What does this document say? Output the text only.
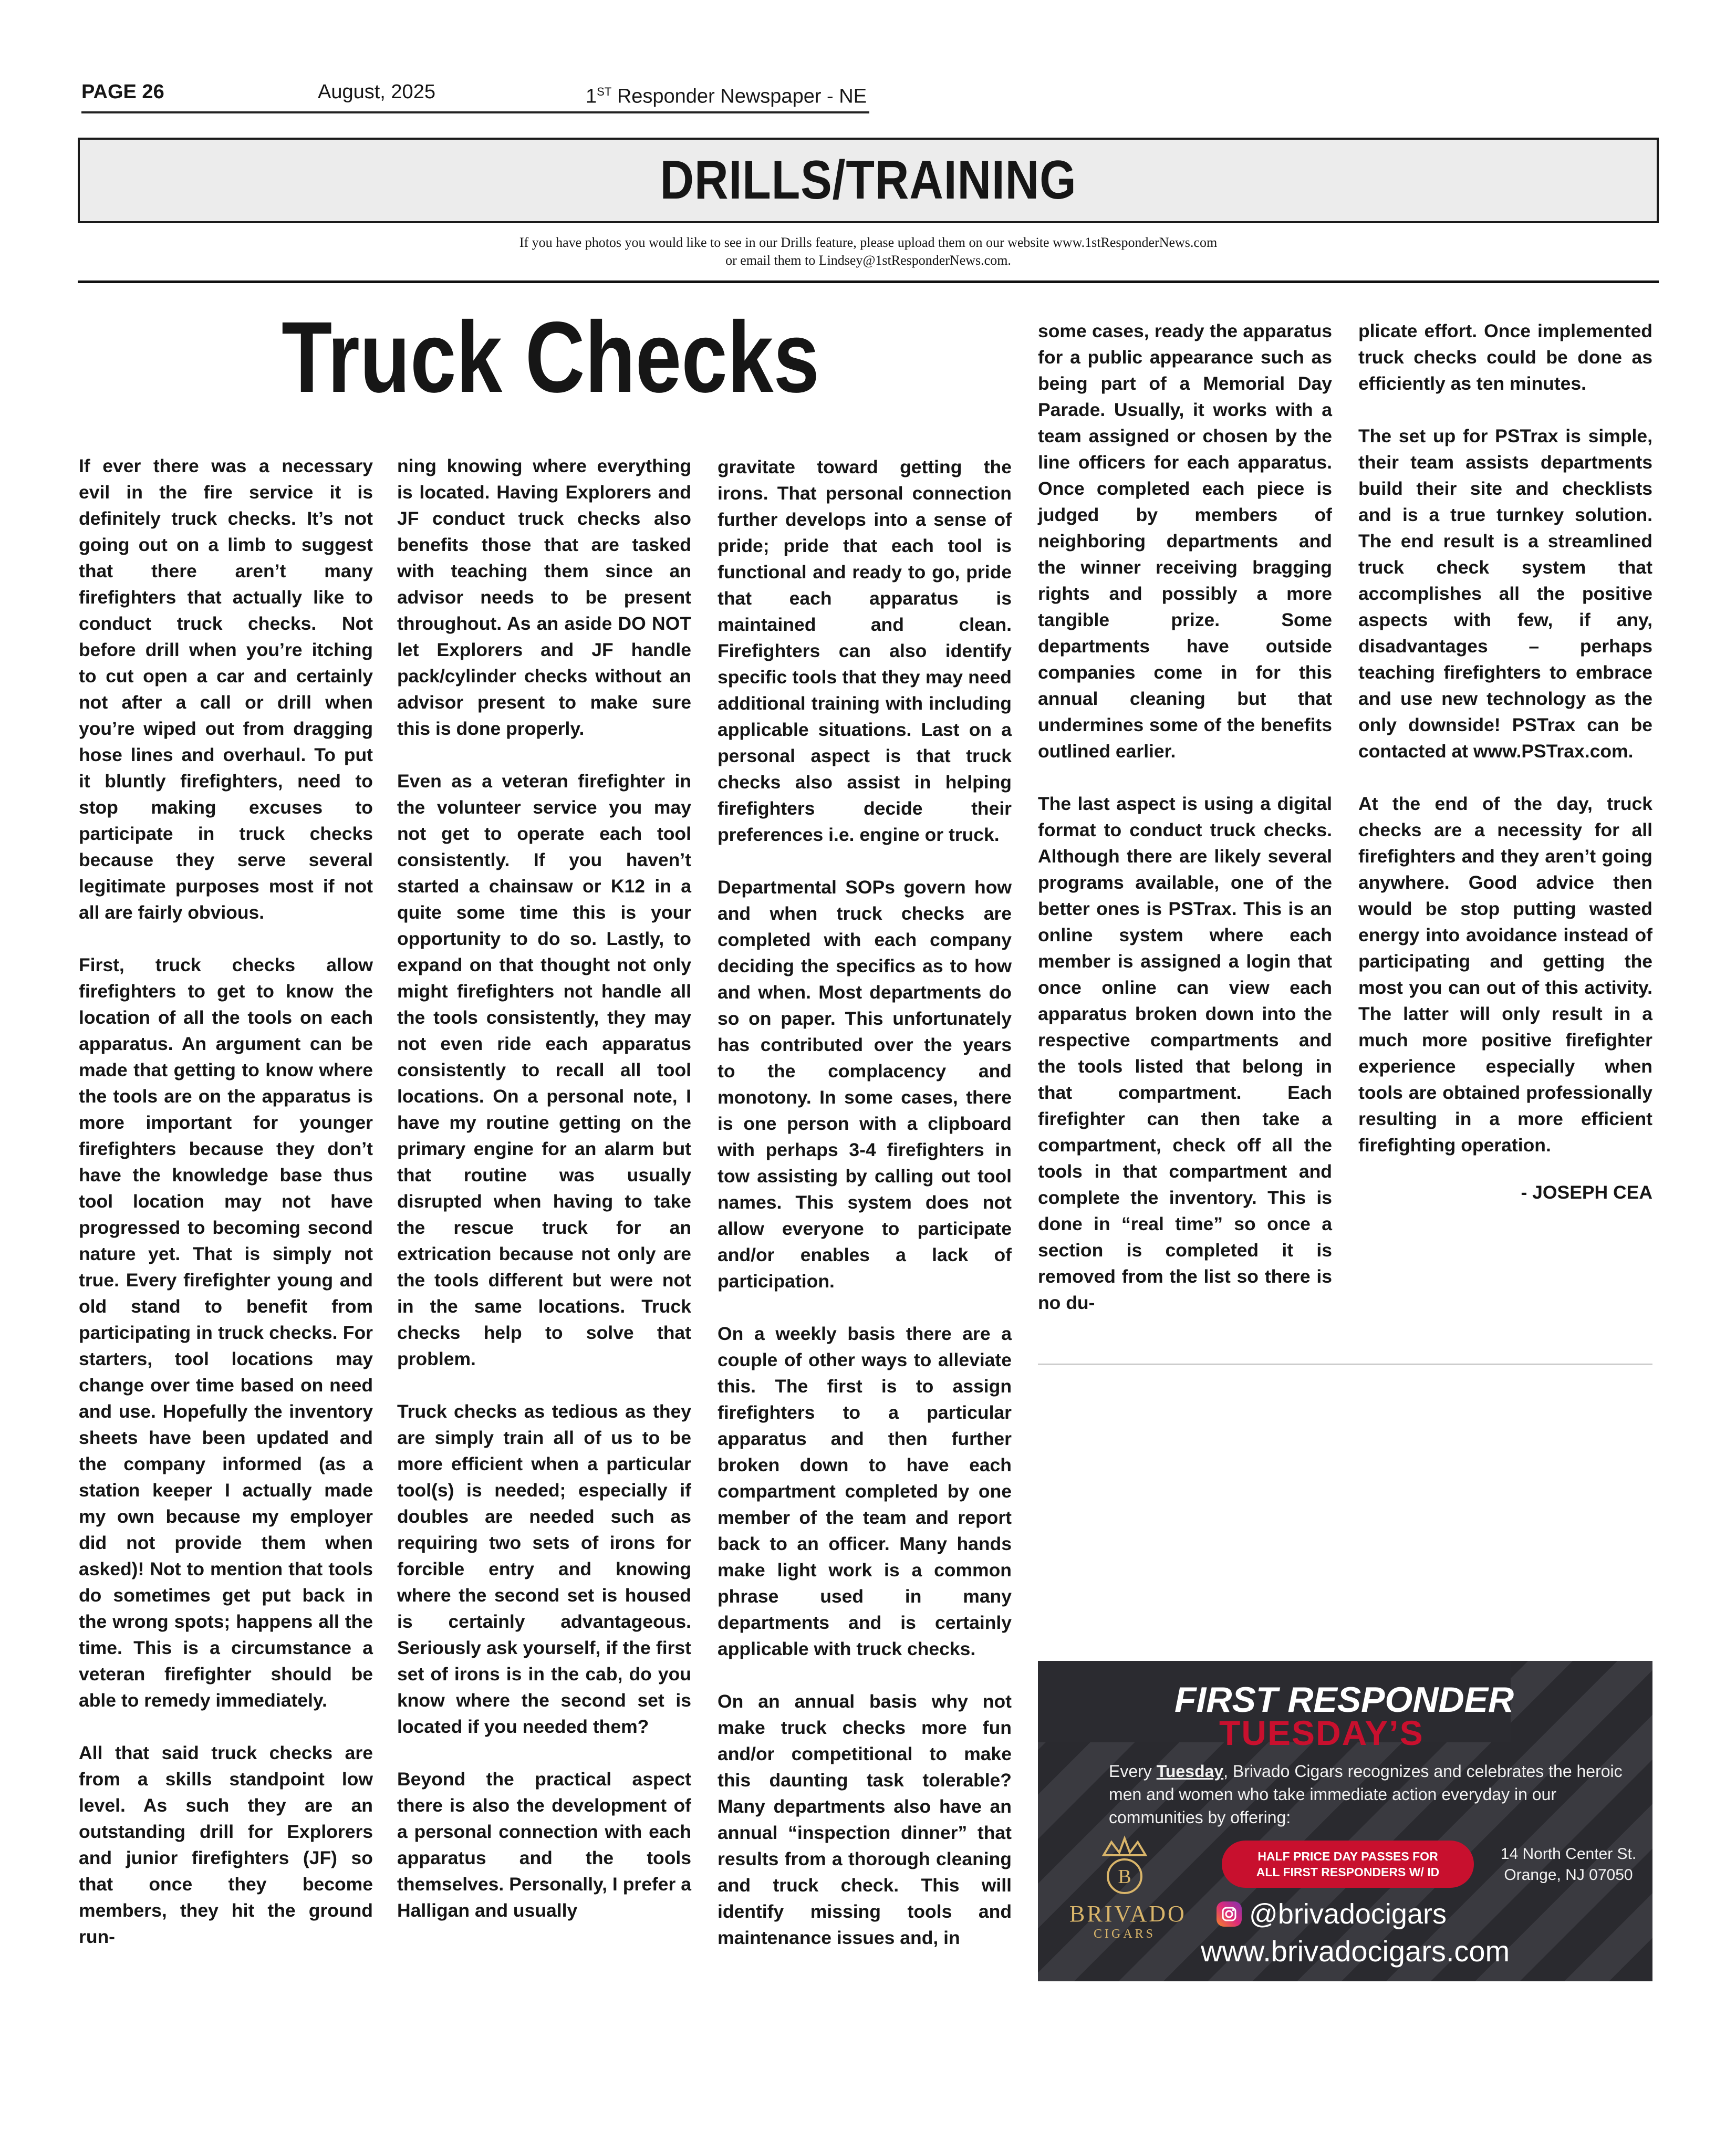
PAGE 26	August, 2025	1ST Responder Newspaper - NE
DRILLS/TRAINING
If you have photos you would like to see in our Drills feature, please upload them on our website www.1stResponderNews.com
or email them to Lindsey@1stResponderNews.com.
Truck Checks

If ever there was a necessary evil in the fire service it is definitely truck checks. It’s not going out on a limb to suggest that there aren’t many firefighters that actually like to conduct truck checks. Not before drill when you’re itching to cut open a car and certainly not after a call or drill when you’re wiped out from dragging hose lines and overhaul. To put it bluntly firefighters, need to stop making excuses to participate in truck checks because they serve several legitimate purposes most if not all are fairly obvious.

First, truck checks allow firefighters to get to know the location of all the tools on each apparatus. An argument can be made that getting to know where the tools are on the apparatus is more important for younger firefighters because they don’t have the knowledge base thus tool location may not have progressed to becoming second nature yet. That is simply not true. Every firefighter young and old stand to benefit from participating in truck checks. For starters, tool locations may change over time based on need and use. Hopefully the inventory sheets have been updated and the company informed (as a station keeper I actually made my own because my employer did not provide them when asked)! Not to mention that tools do sometimes get put back in the wrong spots; happens all the time. This is a circumstance a veteran firefighter should be able to remedy immediately.

All that said truck checks are from a skills standpoint low level. As such they are an outstanding drill for Explorers and junior firefighters (JF) so that once they become members, they hit the ground run-

ning knowing where everything is located. Having Explorers and JF conduct truck checks also benefits those that are tasked with teaching them since an advisor needs to be present throughout. As an aside DO NOT let Explorers and JF handle pack/cylinder checks without an advisor present to make sure this is done properly.

Even as a veteran firefighter in the volunteer service you may not get to operate each tool consistently. If you haven’t started a chainsaw or K12 in a quite some time this is your opportunity to do so. Lastly, to expand on that thought not only might firefighters not handle all the tools consistently, they may not even ride each apparatus consistently to recall all tool locations. On a personal note, I have my routine getting on the primary engine for an alarm but that routine was usually disrupted when having to take the rescue truck for an extrication because not only are the tools different but were not in the same locations. Truck checks help to solve that problem.

Truck checks as tedious as they are simply train all of us to be more efficient when a particular tool(s) is needed; especially if doubles are needed such as requiring two sets of irons for forcible entry and knowing where the second set is housed is certainly advantageous. Seriously ask yourself, if the first set of irons is in the cab, do you know where the second set is located if you needed them?

Beyond the practical aspect there is also the development of a personal connection with each apparatus and the tools themselves. Personally, I prefer a Halligan and usually

gravitate toward getting the irons. That personal connection further develops into a sense of pride; pride that each tool is functional and ready to go, pride that each apparatus is maintained and clean. Firefighters can also identify specific tools that they may need additional training with including applicable situations. Last on a personal aspect is that truck checks also assist in helping firefighters decide their preferences i.e. engine or truck.

Departmental SOPs govern how and when truck checks are completed with each company deciding the specifics as to how and when. Most departments do so on paper. This unfortunately has contributed over the years to the complacency and monotony. In some cases, there is one person with a clipboard with perhaps 3-4 firefighters in tow assisting by calling out tool names. This system does not allow everyone to participate and/or enables a lack of participation.

On a weekly basis there are a couple of other ways to alleviate this. The first is to assign firefighters to a particular apparatus and then further broken down to have each compartment completed by one member of the team and report back to an officer. Many hands make light work is a common phrase used in many departments and is certainly applicable with truck checks.

On an annual basis why not make truck checks more fun and/or competitional to make this daunting task tolerable? Many departments also have an annual “inspection dinner” that results from a thorough cleaning and truck check. This will identify missing tools and maintenance issues and, in

some cases, ready the apparatus for a public appearance such as being part of a Memorial Day Parade. Usually, it works with a team assigned or chosen by the line officers for each apparatus. Once completed each piece is judged by members of neighboring departments and the winner receiving bragging rights and possibly a more tangible prize. Some departments have outside companies come in for this annual cleaning but that undermines some of the benefits outlined earlier.

The last aspect is using a digital format to conduct truck checks. Although there are likely several programs available, one of the better ones is PSTrax. This is an online system where each member is assigned a login that once online can view each apparatus broken down into the respective compartments and the tools listed that belong in that compartment. Each firefighter can then take a compartment, check off all the tools in that compartment and complete the inventory. This is done in “real time” so once a section is completed it is removed from the list so there is no du-

plicate effort. Once implemented truck checks could be done as efficiently as ten minutes.

The set up for PSTrax is simple, their team assists departments build their site and checklists and is a true turnkey solution. The end result is a streamlined truck check system that accomplishes all the positive aspects with few, if any, disadvantages – perhaps teaching firefighters to embrace and use new technology as the only downside! PSTrax can be contacted at www.PSTrax.com.

At the end of the day, truck checks are a necessity for all firefighters and they aren’t going anywhere. Good advice then would be stop putting wasted energy into avoidance instead of participating and getting the most you can out of this activity. The latter will only result in a much more positive firefighter experience especially when tools are obtained professionally resulting in a more efficient firefighting operation.

- JOSEPH CEA
FIRST RESPONDER
TUESDAY’S
Every Tuesday, Brivado Cigars recognizes and celebrates the heroic men and women who take immediate action everyday in our communities by offering:
B
BRIVADO
CIGARS
HALF PRICE DAY PASSES FOR
ALL FIRST RESPONDERS W/ ID
14 North Center St.
Orange, NJ 07050
@brivadocigars
www.brivadocigars.com
